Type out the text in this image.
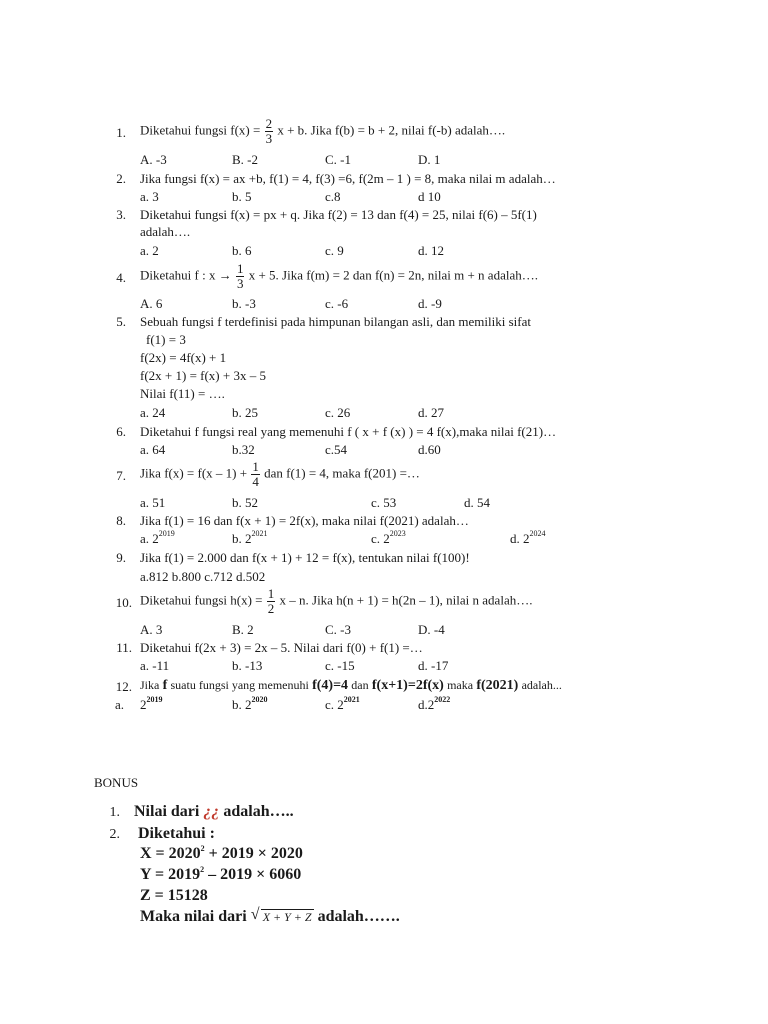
1. Diketahui fungsi $f(x) = \frac{2}{3}$ x + b. Jika f(b) = b + 2, nilai f(-b) adalah….
A. -3	B. -2	C. -1	D. 1
2. Jika fungsi f(x) = ax +b, f(1) = 4, f(3) =6, f(2m – 1 ) = 8, maka nilai m adalah…
a. 3	b. 5	c.8	d 10
3. Diketahui fungsi f(x) = px + q. Jika f(2) = 13 dan f(4) = 25, nilai f(6) – 5f(1)
adalah….
a. 2	b. 6	c. 9	d. 12
4. Diketahui f : $x \to \frac{1}{3}$ x + 5. Jika f(m) = 2 dan f(n) = 2n, nilai m + n adalah….
A. 6	b. -3	c. -6	d. -9
5. Sebuah fungsi f terdefinisi pada himpunan bilangan asli, dan memiliki sifat
f(1) = 3
f(2x) = 4f(x) + 1
f(2x + 1) = f(x) + 3x – 5
Nilai f(11) = ….
a. 24	b. 25	c. 26	d. 27
6. Diketahui f fungsi real yang memenuhi f ( x + f (x) ) = 4 f(x),maka nilai f(21)…
a. 64	b.32	c.54	d.60
7. Jika $f(x) = f(x - 1) + \frac{1}{4}$ dan f(1) = 4, maka f(201) =…
a. 51	b. 52	c. 53	d. 54
8. Jika f(1) = 16 dan f(x + 1) = 2f(x), maka nilai f(2021) adalah…
a. $2^{2019}$	b. $2^{2021}$	c. $2^{2023}$	d. $2^{2024}$
9. Jika f(1) = 2.000 dan f(x + 1) + 12 = f(x), tentukan nilai f(100)!
a.812 b.800 c.712 d.502
10. Diketahui fungsi $h(x) = \frac{1}{2}$ x – n. Jika h(n + 1) = h(2n – 1), nilai n adalah….
A. 3	B. 2	C. -3	D. -4
11. Diketahui f(2x + 3) = 2x – 5. Nilai dari f(0) + f(1) =…
a. -11	b. -13	c. -15	d. -17
12. Jika f suatu fungsi yang memenuhi f(4)=4 dan f(x+1)=2f(x) maka f(2021) adalah...
a. $2^{2019}$	b. $2^{2020}$	c. $2^{2021}$	$d.2^{2022}$
BONUS
1. Nilai dari ¿¿ adalah…..
2. Diketahui :
$X = 2020^2 + 2019 \times 2020$
$Y = 2019^2 - 2019 \times 6060$
Z = 15128
Maka nilai dari √ X + Y + Z adalah…….
